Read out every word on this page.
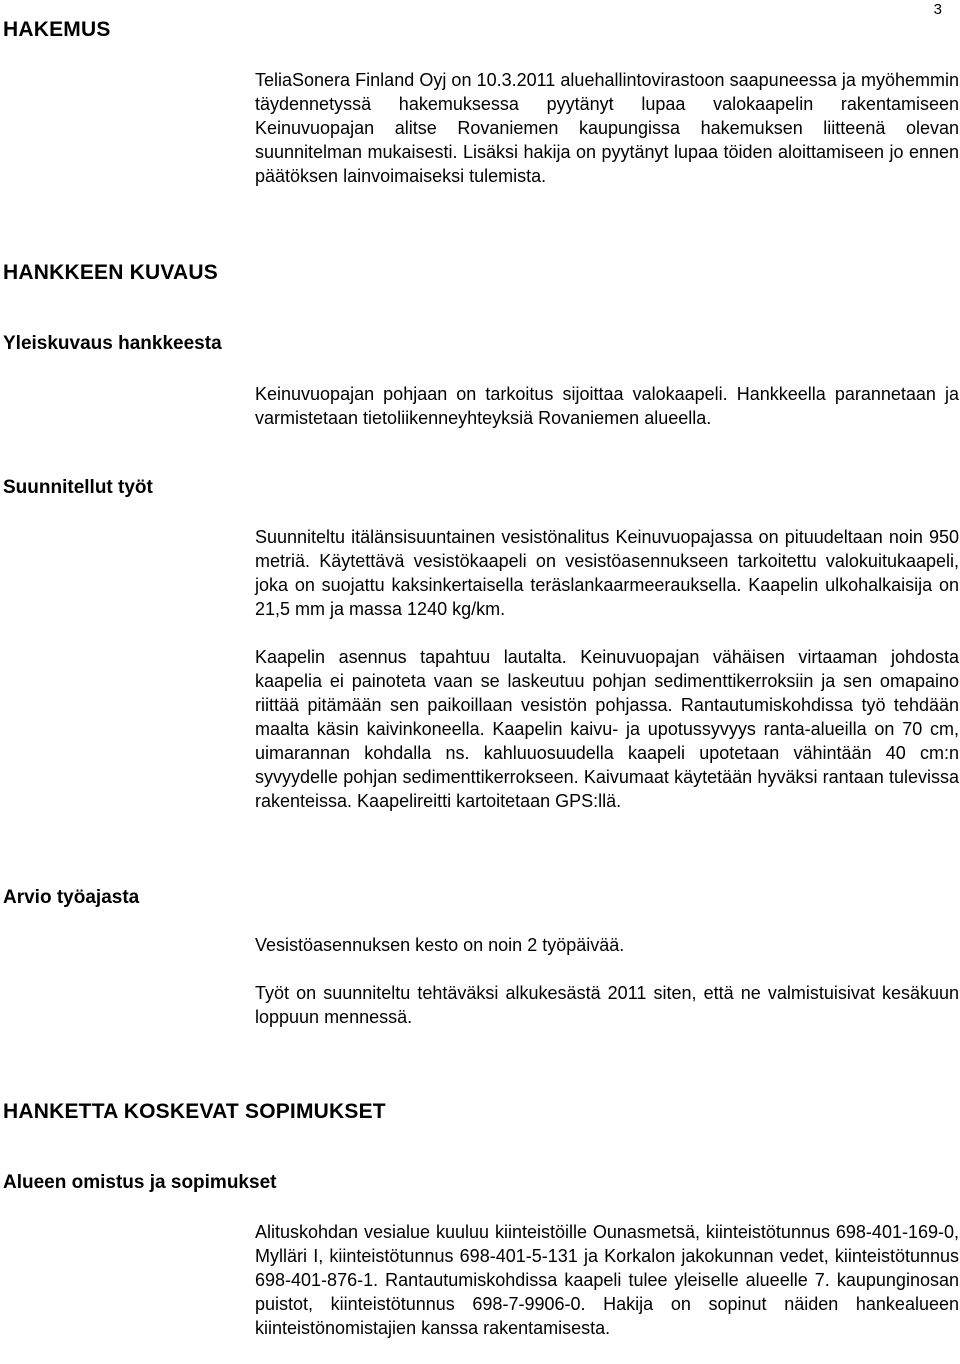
3
HAKEMUS

TeliaSonera Finland Oyj on 10.3.2011 aluehallintovirastoon saapuneessa ja myöhemmin täydennetyssä hakemuksessa pyytänyt lupaa valokaapelin rakentamiseen Keinuvuopajan alitse Rovaniemen kaupungissa hakemuksen liitteenä olevan suunnitelman mukaisesti. Lisäksi hakija on pyytänyt lupaa töiden aloittamiseen jo ennen päätöksen lainvoimaiseksi tulemista.

HANKKEEN KUVAUS
Yleiskuvaus hankkeesta

Keinuvuopajan pohjaan on tarkoitus sijoittaa valokaapeli. Hankkeella parannetaan ja varmistetaan tietoliikenneyhteyksiä Rovaniemen alueella.

Suunnitellut työt

Suunniteltu itälänsisuuntainen vesistönalitus Keinuvuopajassa on pituudeltaan noin 950 metriä. Käytettävä vesistökaapeli on vesistöasennukseen tarkoitettu valokuitukaapeli, joka on suojattu kaksinkertaisella teräslankaarmeerauksella. Kaapelin ulkohalkaisija on 21,5 mm ja massa 1240 kg/km.

Kaapelin asennus tapahtuu lautalta. Keinuvuopajan vähäisen virtaaman johdosta kaapelia ei painoteta vaan se laskeutuu pohjan sedimenttikerroksiin ja sen omapaino riittää pitämään sen paikoillaan vesistön pohjassa. Rantautumiskohdissa työ tehdään maalta käsin kaivinkoneella. Kaapelin kaivu- ja upotussyvyys ranta-alueilla on 70 cm, uimarannan kohdalla ns. kahluuosuudella kaapeli upotetaan vähintään 40 cm:n syvyydelle pohjan sedimenttikerrokseen. Kaivumaat käytetään hyväksi rantaan tulevissa rakenteissa. Kaapelireitti kartoitetaan GPS:llä.

Arvio työajasta

Vesistöasennuksen kesto on noin 2 työpäivää.

Työt on suunniteltu tehtäväksi alkukesästä 2011 siten, että ne valmistuisivat kesäkuun loppuun mennessä.

HANKETTA KOSKEVAT SOPIMUKSET
Alueen omistus ja sopimukset

Alituskohdan vesialue kuuluu kiinteistöille Ounasmetsä, kiinteistötunnus 698-401-169-0, Mylläri I, kiinteistötunnus 698-401-5-131 ja Korkalon jakokunnan vedet, kiinteistötunnus 698-401-876-1. Rantautumiskohdissa kaapeli tulee yleiselle alueelle 7. kaupunginosan puistot, kiinteistötunnus 698-7-9906-0. Hakija on sopinut näiden hankealueen kiinteistönomistajien kanssa rakentamisesta.
